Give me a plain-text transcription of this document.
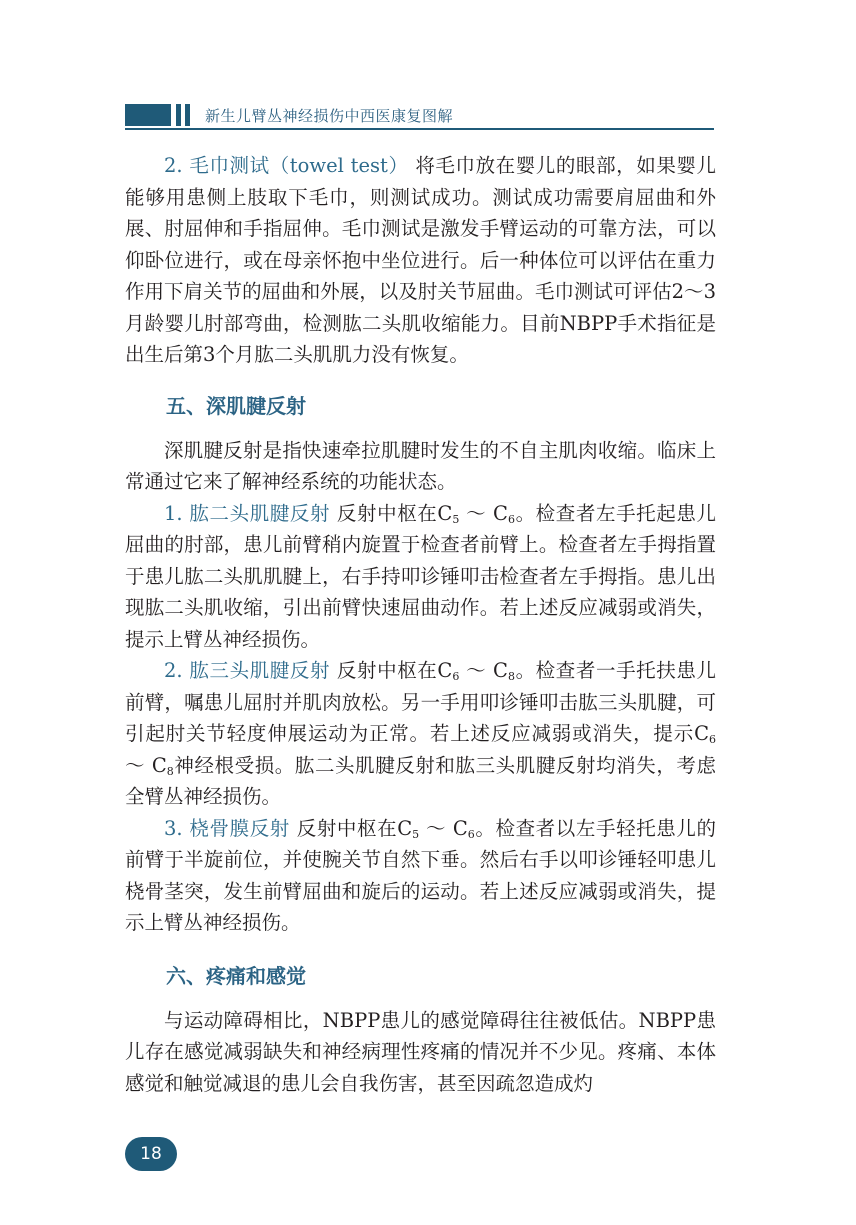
新生儿臂丛神经损伤中西医康复图解

2. 毛巾测试（towel test） 将毛巾放在婴儿的眼部，如果婴儿能够用患侧上肢取下毛巾，则测试成功。测试成功需要肩屈曲和外展、肘屈伸和手指屈伸。毛巾测试是激发手臂运动的可靠方法，可以仰卧位进行，或在母亲怀抱中坐位进行。后一种体位可以评估在重力作用下肩关节的屈曲和外展，以及肘关节屈曲。毛巾测试可评估2～3月龄婴儿肘部弯曲，检测肱二头肌收缩能力。目前NBPP手术指征是出生后第3个月肱二头肌肌力没有恢复。

五、深肌腱反射

深肌腱反射是指快速牵拉肌腱时发生的不自主肌肉收缩。临床上常通过它来了解神经系统的功能状态。

1. 肱二头肌腱反射 反射中枢在$C_5$ ～ $C_6$。检查者左手托起患儿屈曲的肘部，患儿前臂稍内旋置于检查者前臂上。检查者左手拇指置于患儿肱二头肌肌腱上，右手持叩诊锤叩击检查者左手拇指。患儿出现肱二头肌收缩，引出前臂快速屈曲动作。若上述反应减弱或消失，提示上臂丛神经损伤。

2. 肱三头肌腱反射 反射中枢在$C_6$ ～ $C_8$。检查者一手托扶患儿前臂，嘱患儿屈肘并肌肉放松。另一手用叩诊锤叩击肱三头肌腱，可引起肘关节轻度伸展运动为正常。若上述反应减弱或消失，提示$C_6$ ～ $C_8$神经根受损。肱二头肌腱反射和肱三头肌腱反射均消失，考虑全臂丛神经损伤。

3. 桡骨膜反射 反射中枢在$C_5$ ～ $C_6$。检查者以左手轻托患儿的前臂于半旋前位，并使腕关节自然下垂。然后右手以叩诊锤轻叩患儿桡骨茎突，发生前臂屈曲和旋后的运动。若上述反应减弱或消失，提示上臂丛神经损伤。

六、疼痛和感觉

与运动障碍相比，NBPP患儿的感觉障碍往往被低估。NBPP患儿存在感觉减弱缺失和神经病理性疼痛的情况并不少见。疼痛、本体感觉和触觉减退的患儿会自我伤害，甚至因疏忽造成灼

18
